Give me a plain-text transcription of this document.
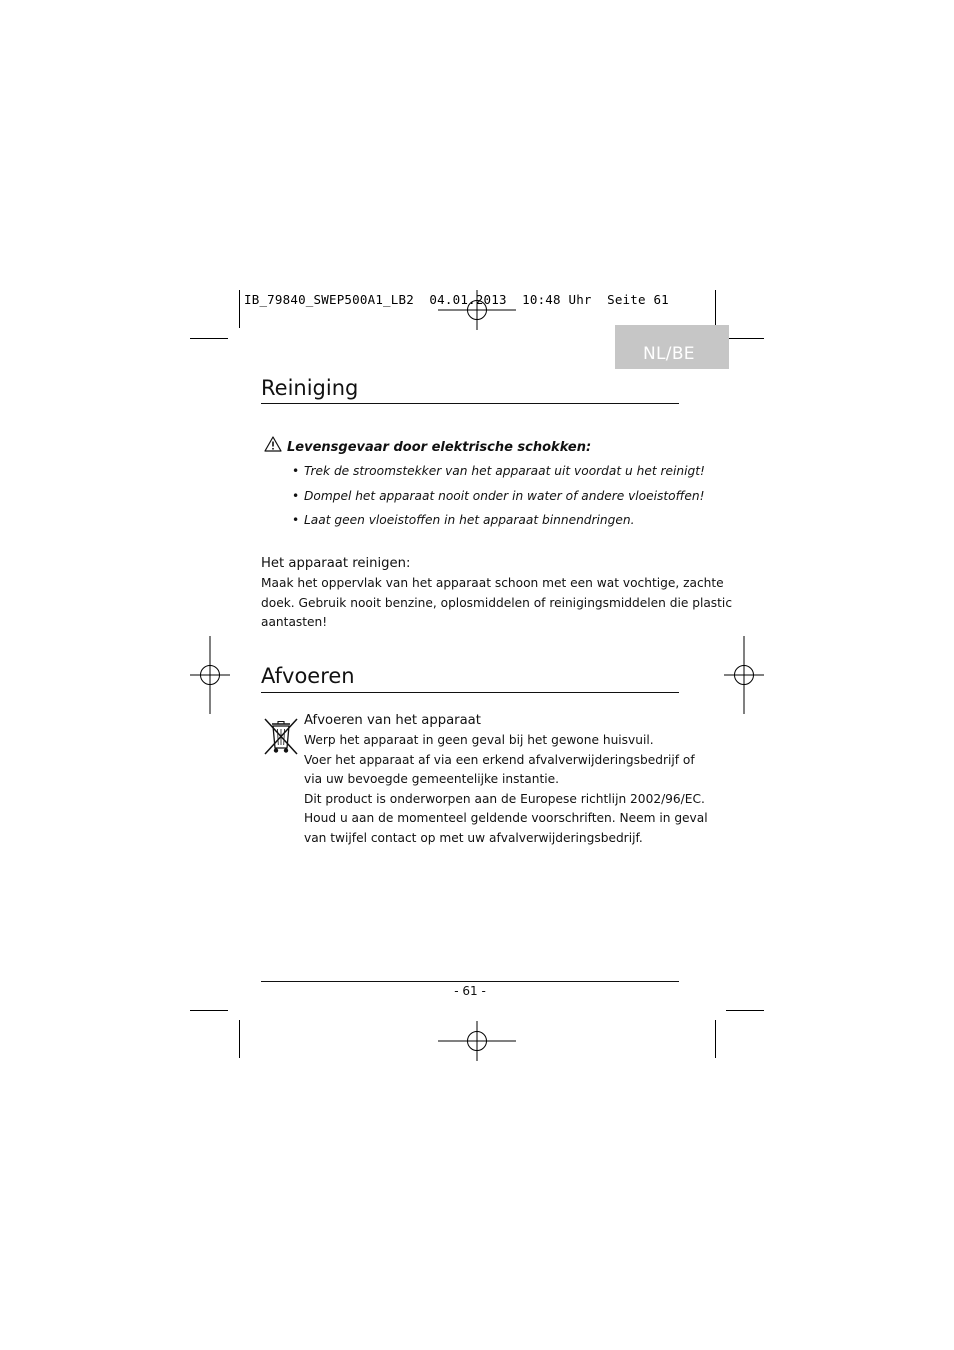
IB_79840_SWEP500A1_LB2  04.01.2013  10:48 Uhr  Seite 61
NL/BE
Reiniging
Levensgevaar door elektrische schokken:
• Trek de stroomstekker van het apparaat uit voordat u het reinigt!
• Dompel het apparaat nooit onder in water of andere vloeistoffen!
• Laat geen vloeistoffen in het apparaat binnendringen.
Het apparaat reinigen:
Maak het oppervlak van het apparaat schoon met een wat vochtige, zachte
doek. Gebruik nooit benzine, oplosmiddelen of reinigingsmiddelen die plastic
aantasten!
Afvoeren
Afvoeren van het apparaat
Werp het apparaat in geen geval bij het gewone huisvuil.
Voer het apparaat af via een erkend afvalverwijderingsbedrijf of
via uw bevoegde gemeentelijke instantie.
Dit product is onderworpen aan de Europese richtlijn 2002/96/EC.
Houd u aan de momenteel geldende voorschriften. Neem in geval
van twijfel contact op met uw afvalverwijderingsbedrijf.
- 61 -
